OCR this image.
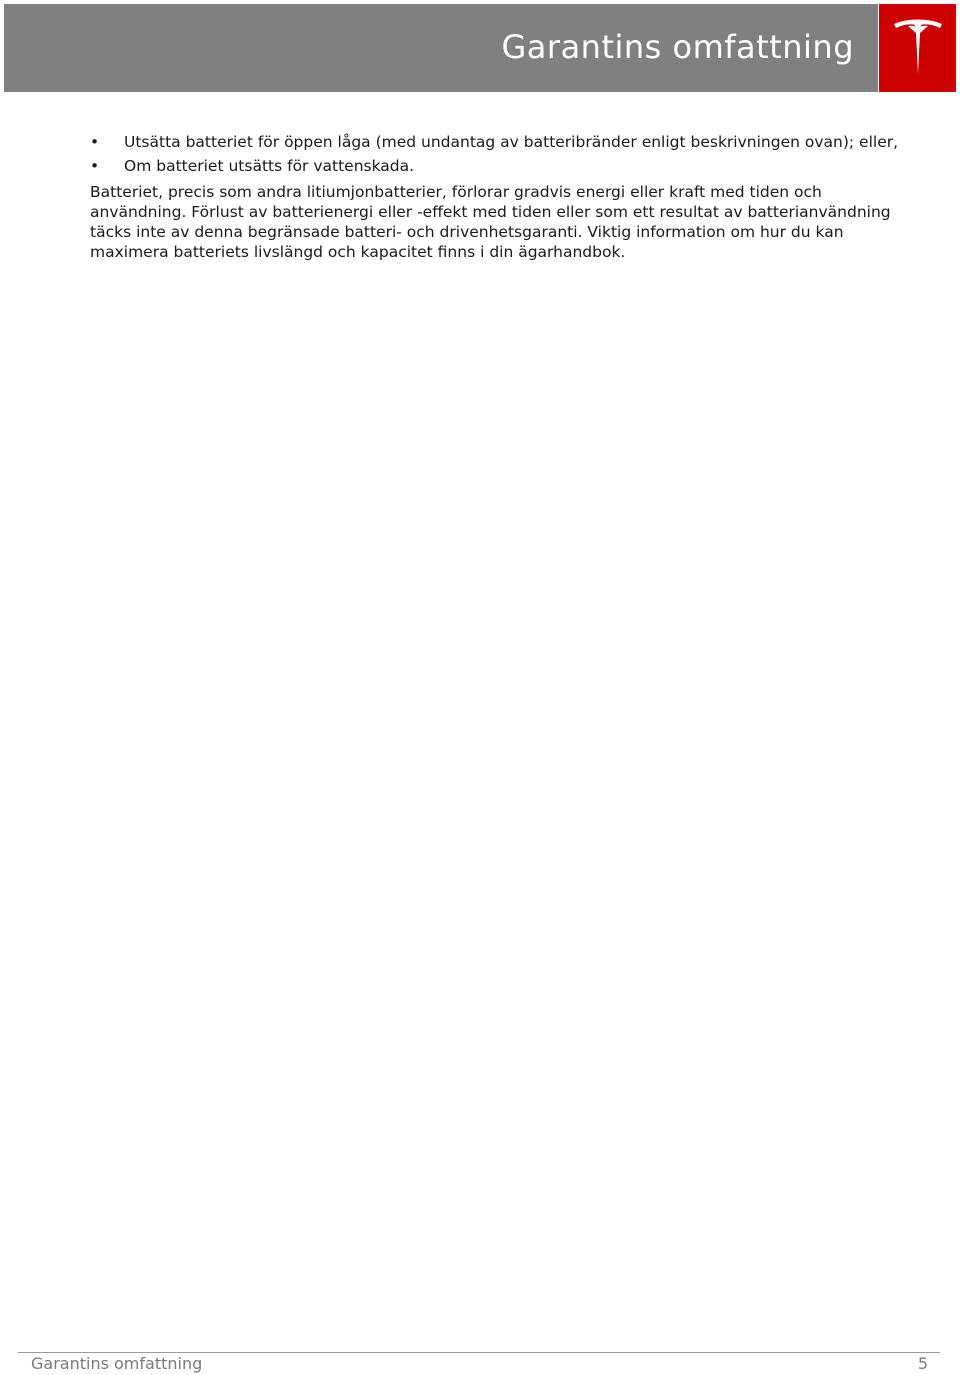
Garantins omfattning
• Utsätta batteriet för öppen låga (med undantag av batteribränder enligt beskrivningen ovan); eller,
• Om batteriet utsätts för vattenskada.

Batteriet, precis som andra litiumjonbatterier, förlorar gradvis energi eller kraft med tiden och användning. Förlust av batterienergi eller -effekt med tiden eller som ett resultat av batterianvändning täcks inte av denna begränsade batteri- och drivenhetsgaranti. Viktig information om hur du kan maximera batteriets livslängd och kapacitet finns i din ägarhandbok.

Garantins omfattning	5
